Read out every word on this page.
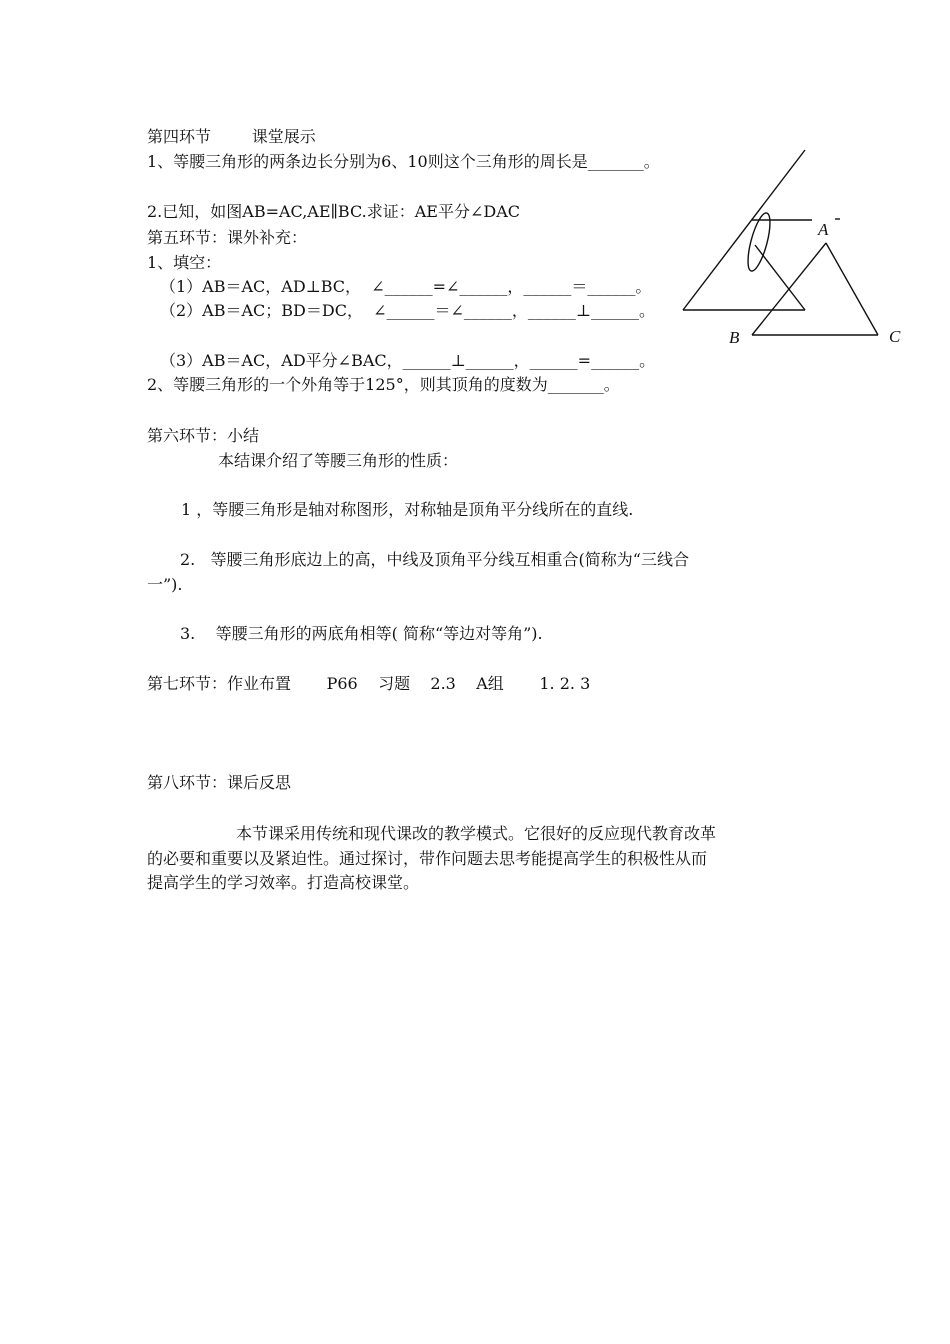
第四环节        课堂展示

1、等腰三角形的两条边长分别为6、10则这个三角形的周长是_______。

2.已知，如图AB=AC,AE∥BC.求证：AE平分∠DAC

第五环节：课外补充：

1、填空：

（1）AB＝AC，AD⊥BC，  ∠______=∠______，______＝______。

（2）AB＝AC；BD＝DC，  ∠______＝∠______，______⊥______。

（3）AB＝AC，AD平分∠BAC，______⊥______，______=______。

2、等腰三角形的一个外角等于125°，则其顶角的度数为_______。

A
B	C

第六环节：小结

本结课介绍了等腰三角形的性质：

1 ，等腰三角形是轴对称图形，对称轴是顶角平分线所在的直线.

2.   等腰三角形底边上的高，中线及顶角平分线互相重合(简称为“三线合

一”).

3.    等腰三角形的两底角相等( 简称“等边对等角”).

第七环节：作业布置       P66    习题    2.3    A组       1. 2. 3

第八环节：课后反思

本节课采用传统和现代课改的教学模式。它很好的反应现代教育改革

的必要和重要以及紧迫性。通过探讨，带作问题去思考能提高学生的积极性从而

提高学生的学习效率。打造高校课堂。
